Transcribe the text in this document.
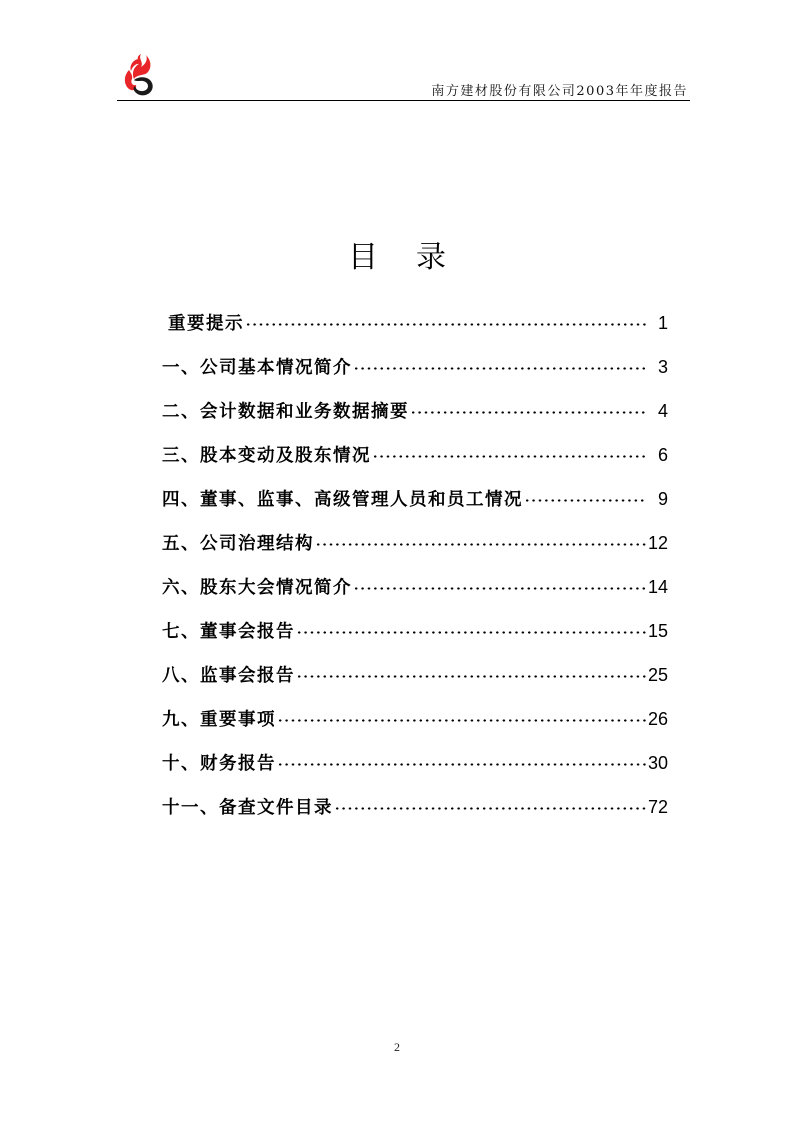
南方建材股份有限公司2003年年度报告
目录
重要提示	1
一、公司基本情况简介	3
二、会计数据和业务数据摘要	4
三、股本变动及股东情况	6
四、董事、监事、高级管理人员和员工情况	9
五、公司治理结构	12
六、股东大会情况简介	14
七、董事会报告	15
八、监事会报告	25
九、重要事项	26
十、财务报告	30
十一、备查文件目录	72
2
